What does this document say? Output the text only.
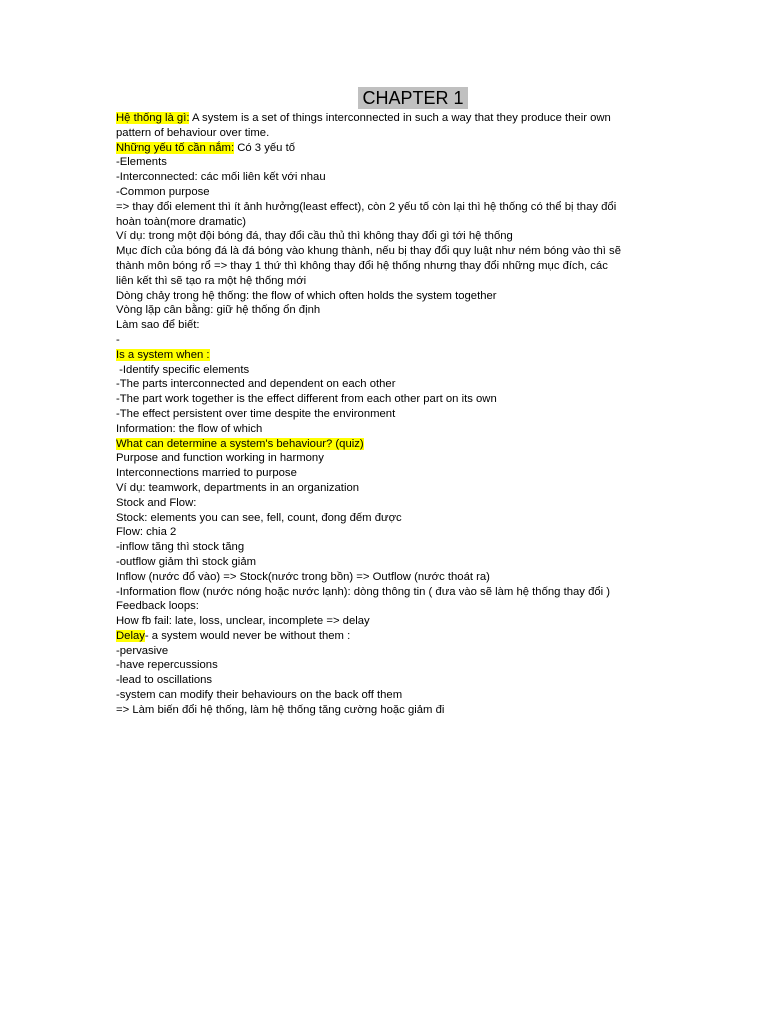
CHAPTER 1
Hệ thống là gì: A system is a set of things interconnected in such a way that they produce their own
pattern of behaviour over time.
Những yếu tố cần nắm: Có 3 yếu tố
-Elements
-Interconnected: các mối liên kết với nhau
-Common purpose
=> thay đổi element thì ít ảnh hưởng(least effect), còn 2 yếu tố còn lại thì hệ thống có thể bị thay đổi
hoàn toàn(more dramatic)
Ví dụ: trong một đội bóng đá, thay đổi cầu thủ thì không thay đổi gì tới hệ thống
Mục đích của bóng đá là đá bóng vào khung thành, nếu bị thay đổi quy luật như ném bóng vào thì sẽ
thành môn bóng rổ => thay 1 thứ thì không thay đổi hệ thống nhưng thay đổi những mục đích, các
liên kết thì sẽ tạo ra một hệ thống mới
Dòng chảy trong hệ thống: the flow of which often holds the system together
Vòng lặp cân bằng: giữ hệ thống ổn định
Làm sao để biết:
-
Is a system when :
-Identify specific elements
-The parts interconnected and dependent on each other
-The part work together is the effect different from each other part on its own
-The effect persistent over time despite the environment
Information: the flow of which
What can determine a system's behaviour? (quiz)
Purpose and function working in harmony
Interconnections married to purpose
Ví dụ: teamwork, departments in an organization
Stock and Flow:
Stock: elements you can see, fell, count, đong đếm được
Flow: chia 2
-inflow tăng thì stock tăng
-outflow giảm thì stock giảm
Inflow (nước đổ vào) => Stock(nước trong bồn) => Outflow (nước thoát ra)
-Information flow (nước nóng hoặc nước lạnh): dòng thông tin ( đưa vào sẽ làm hệ thống thay đổi )
Feedback loops:
How fb fail: late, loss, unclear, incomplete => delay
Delay- a system would never be without them :
-pervasive
-have repercussions
-lead to oscillations
-system can modify their behaviours on the back off them
=> Làm biến đổi hệ thống, làm hệ thống tăng cường hoặc giảm đi
